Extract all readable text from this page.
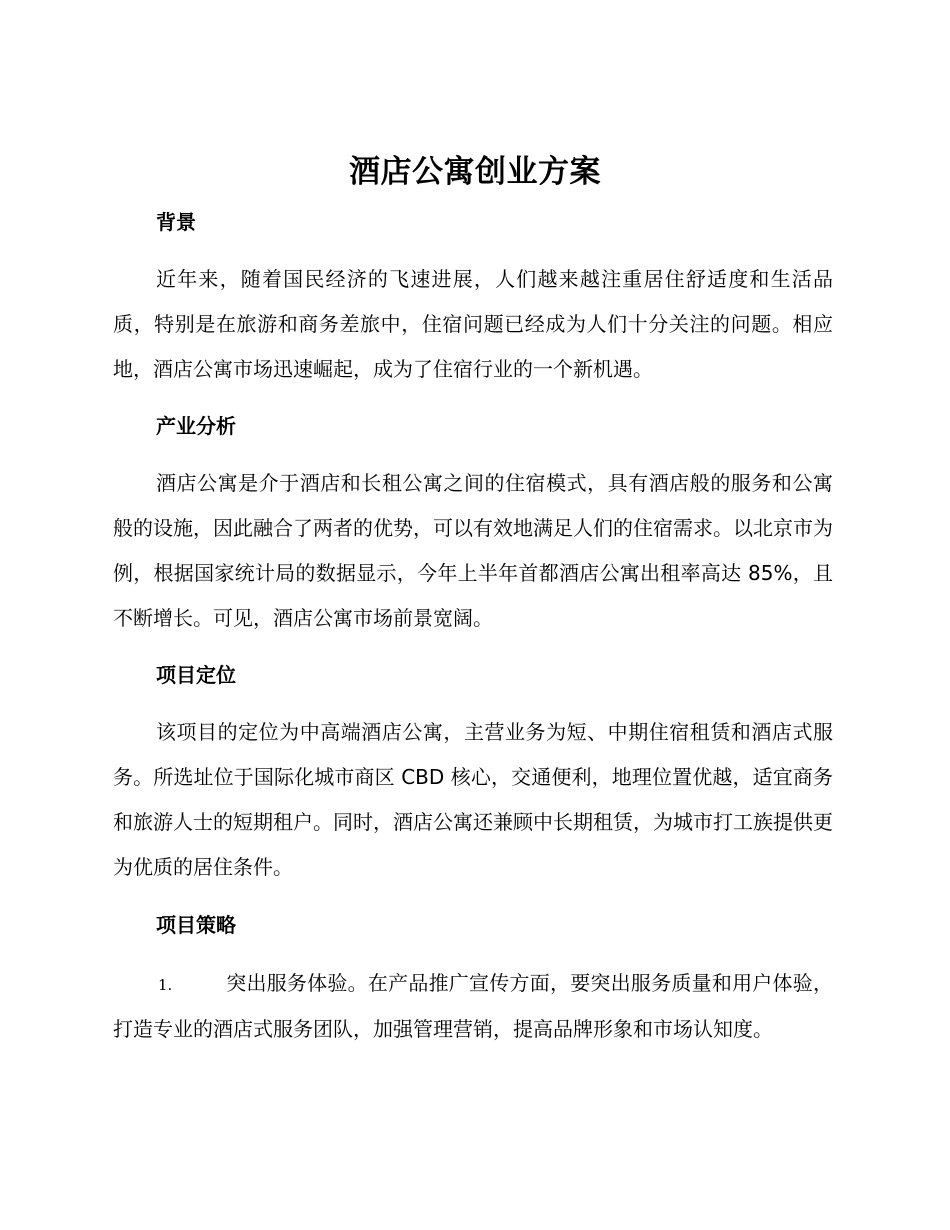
酒店公寓创业方案
背景

近年来，随着国民经济的飞速进展，人们越来越注重居住舒适度和生活品质，特别是在旅游和商务差旅中，住宿问题已经成为人们十分关注的问题。相应地，酒店公寓市场迅速崛起，成为了住宿行业的一个新机遇。

产业分析

酒店公寓是介于酒店和长租公寓之间的住宿模式，具有酒店般的服务和公寓般的设施，因此融合了两者的优势，可以有效地满足人们的住宿需求。以北京市为例，根据国家统计局的数据显示，今年上半年首都酒店公寓出租率高达 85%，且不断增长。可见，酒店公寓市场前景宽阔。

项目定位

该项目的定位为中高端酒店公寓，主营业务为短、中期住宿租赁和酒店式服务。所选址位于国际化城市商区 CBD 核心，交通便利，地理位置优越，适宜商务和旅游人士的短期租户。同时，酒店公寓还兼顾中长期租赁，为城市打工族提供更为优质的居住条件。

项目策略

1.	突出服务体验。在产品推广宣传方面，要突出服务质量和用户体验，打造专业的酒店式服务团队，加强管理营销，提高品牌形象和市场认知度。
